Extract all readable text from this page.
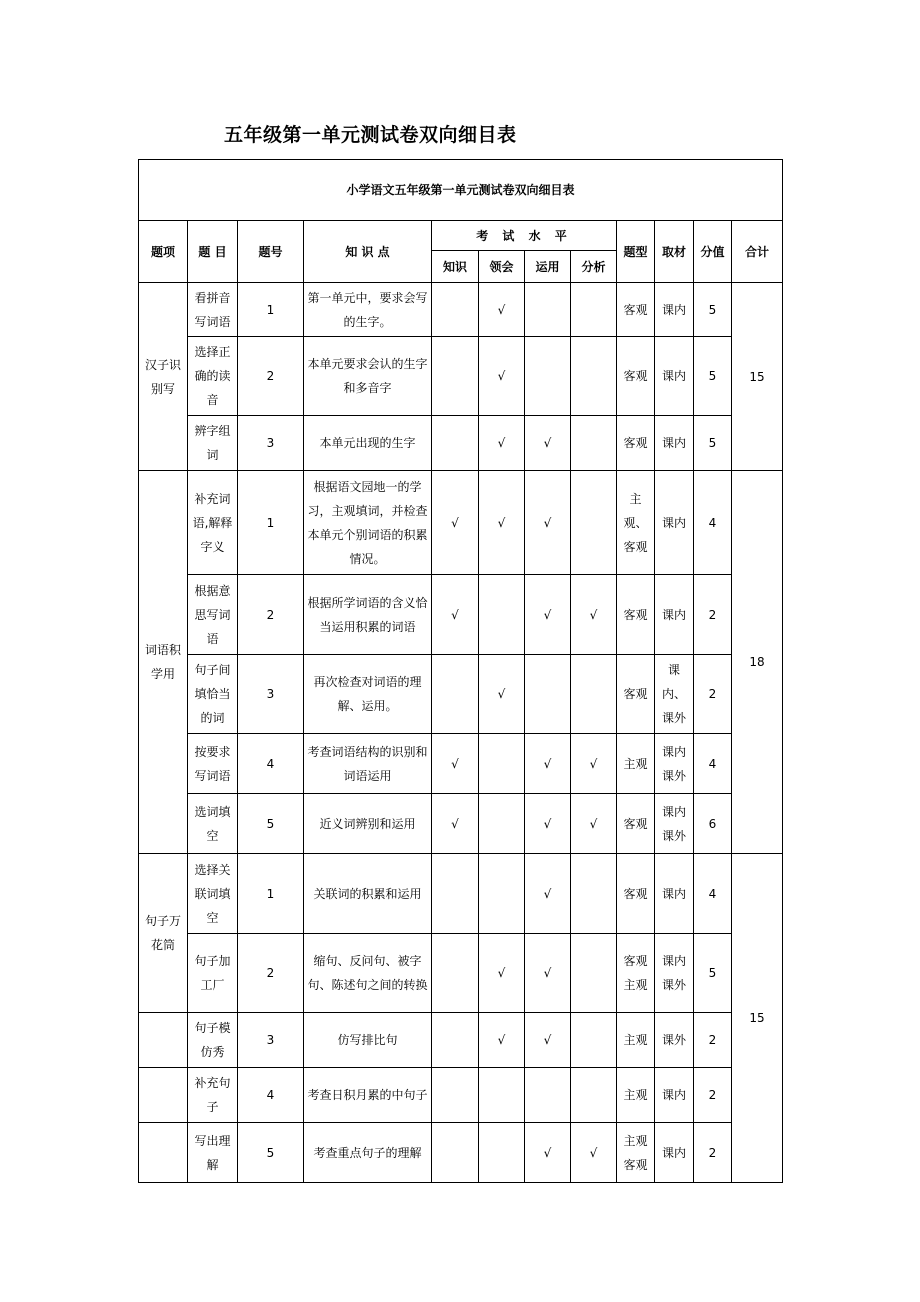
五年级第一单元测试卷双向细目表
小学语文五年级第一单元测试卷双向细目表											
题项	题 目	题号	知 识 点	考 试 水 平				题型	取材	分值	合计
				知识	领会	运用	分析				
汉子识别写	看拼音写词语	1	第一单元中，要求会写的生字。		√			客观	课内	5	15
	选择正确的读音	2	本单元要求会认的生字和多音字		√			客观	课内	5	
	辨字组词	3	本单元出现的生字		√	√		客观	课内	5	
词语积学用	补充词语,解释字义	1	根据语文园地一的学习，主观填词，并检查本单元个别词语的积累情况。	√	√	√		主观、客观	课内	4	18
	根据意思写词语	2	根据所学词语的含义恰当运用积累的词语	√		√	√	客观	课内	2	
	句子间填恰当的词	3	再次检查对词语的理解、运用。		√			客观	课内、课外	2	
	按要求写词语	4	考查词语结构的识别和词语运用	√		√	√	主观	课内课外	4	
	选词填空	5	近义词辨别和运用	√		√	√	客观	课内课外	6	
句子万花筒	选择关联词填空	1	关联词的积累和运用			√		客观	课内	4	15
	句子加工厂	2	缩句、反问句、被字句、陈述句之间的转换		√	√		客观主观	课内课外	5	
	句子模仿秀	3	仿写排比句		√	√		主观	课外	2	
	补充句子	4	考查日积月累的中句子					主观	课内	2	
	写出理解	5	考查重点句子的理解			√	√	主观客观	课内	2	
